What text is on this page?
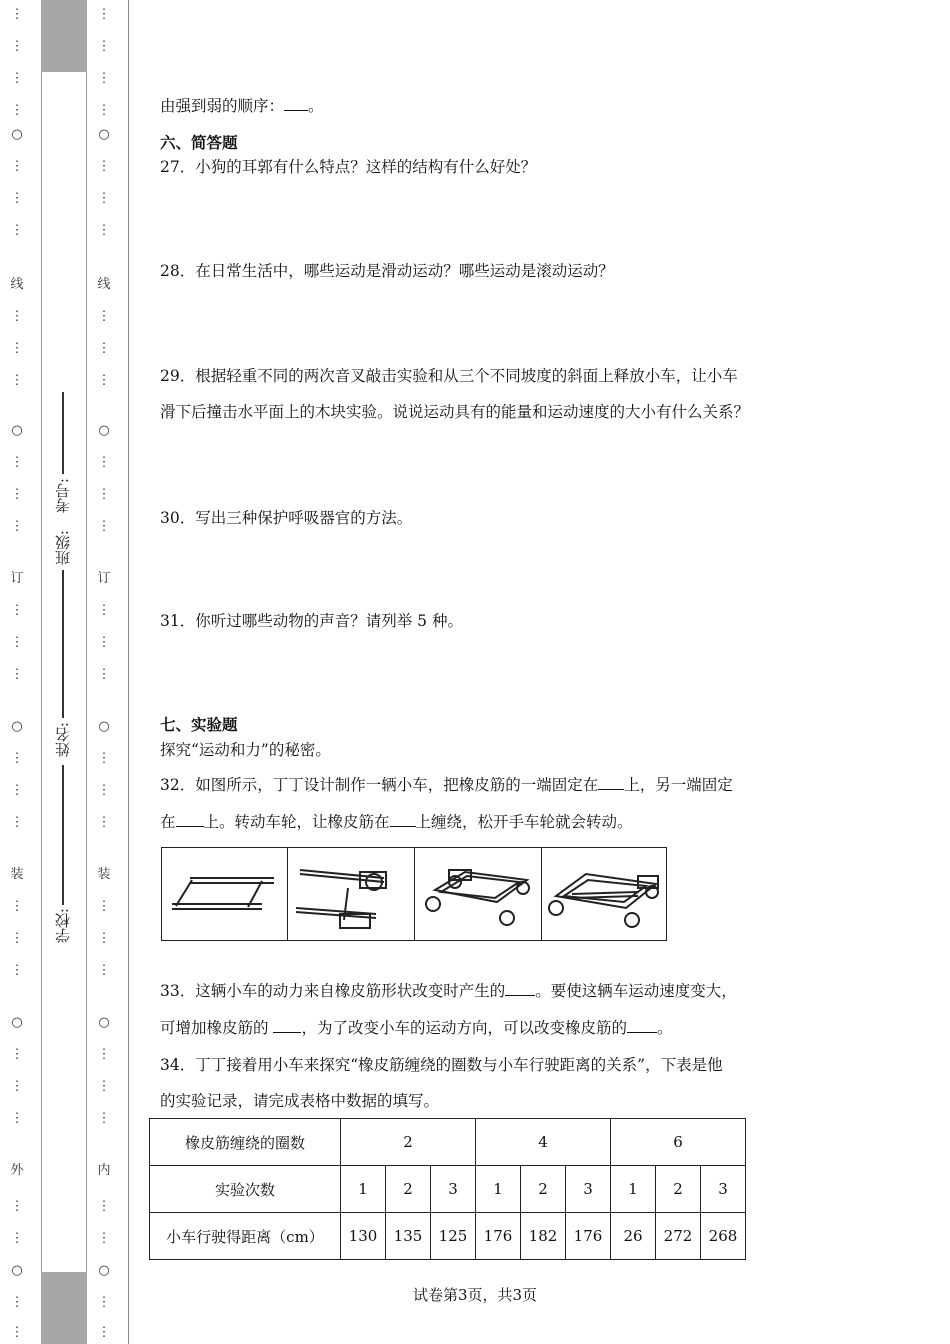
⋮
⋮
⋮
⋮
○
⋮
⋮
⋮
线
⋮
⋮
⋮
○
⋮
⋮
⋮
订
⋮
⋮
⋮
○
⋮
⋮
⋮
装
⋮
⋮
⋮
○
⋮
⋮
⋮
外
⋮
⋮
○
⋮
⋮
⋮
⋮
⋮
⋮
○
⋮
⋮
⋮
线
⋮
⋮
⋮
○
⋮
⋮
⋮
订
⋮
⋮
⋮
○
⋮
⋮
⋮
装
⋮
⋮
⋮
○
⋮
⋮
⋮
内
⋮
⋮
○
⋮
⋮
学校:
姓名:
班级:
考号:
由强到弱的顺序： 。
六、简答题
27．小狗的耳郭有什么特点？这样的结构有什么好处？
28．在日常生活中，哪些运动是滑动运动？哪些运动是滚动运动？
29．根据轻重不同的两次音叉敲击实验和从三个不同坡度的斜面上释放小车，让小车
滑下后撞击水平面上的木块实验。说说运动具有的能量和运动速度的大小有什么关系？
30．写出三种保护呼吸器官的方法。
31．你听过哪些动物的声音？请列举 5 种。
七、实验题
探究“运动和力”的秘密。
32．如图所示，丁丁设计制作一辆小车，把橡皮筋的一端固定在 上，另一端固定
在 上。转动车轮，让橡皮筋在 上缠绕，松开手车轮就会转动。
33．这辆小车的动力来自橡皮筋形状改变时产生的 。要使这辆车运动速度变大，
可增加橡皮筋的 ，为了改变小车的运动方向，可以改变橡皮筋的 。
34．丁丁接着用小车来探究“橡皮筋缠绕的圈数与小车行驶距离的关系”，下表是他
的实验记录，请完成表格中数据的填写。
橡皮筋缠绕的圈数	2			4			6		
实验次数	1	2	3	1	2	3	1	2	3
小车行驶得距离（cm）	130	135	125	176	182	176	26	272	268
试卷第3页，共3页
